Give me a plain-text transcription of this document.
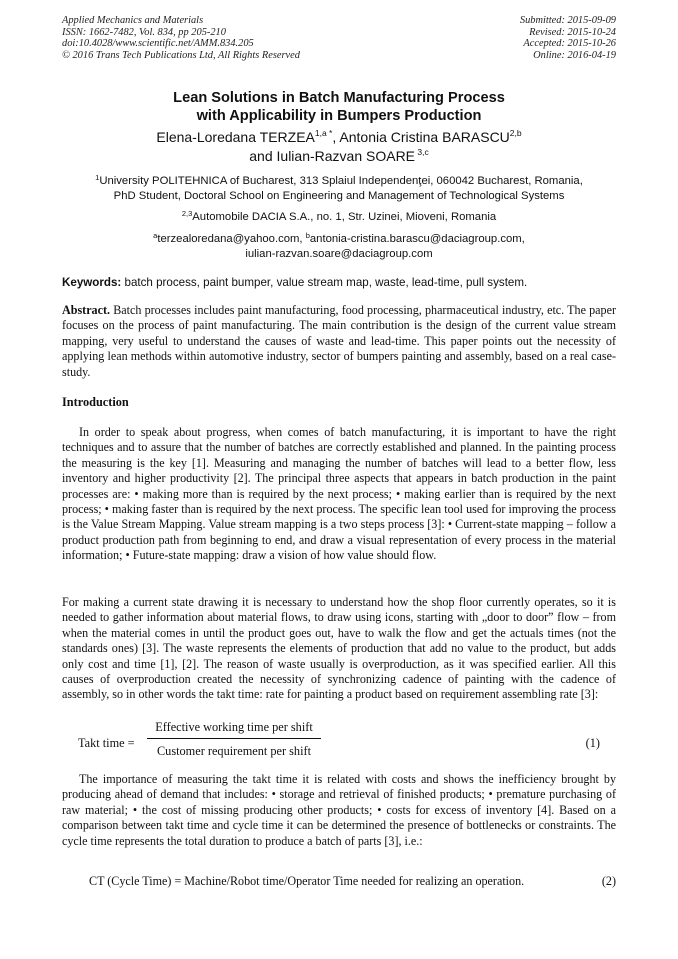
Applied Mechanics and Materials
ISSN: 1662-7482, Vol. 834, pp 205-210
doi:10.4028/www.scientific.net/AMM.834.205
© 2016 Trans Tech Publications Ltd, All Rights Reserved
Submitted: 2015-09-09
Revised: 2015-10-24
Accepted: 2015-10-26
Online: 2016-04-19
Lean Solutions in Batch Manufacturing Process
with Applicability in Bumpers Production
Elena-Loredana $TERZEA^{1,a *}$, Antonia Cristina BARASCU$^{2,b}$
and Iulian-Razvan SOARE $^{3,c}$
$^1$University POLITEHNICA of Bucharest, 313 Splaiul Independenţei, 060042 Bucharest, Romania,
PhD Student, Doctoral School on Engineering and Management of Technological Systems
$^{2,3}$Automobile DACIA S.A., no. 1, Str. Uzinei, Mioveni, Romania
$^a$terzealoredana@yahoo.com, $^b$antonia-cristina.barascu@daciagroup.com,
iulian-razvan.soare@daciagroup.com
Keywords: batch process, paint bumper, value stream map, waste, lead-time, pull system.
Abstract. Batch processes includes paint manufacturing, food processing, pharmaceutical industry, etc. The paper focuses on the process of paint manufacturing. The main contribution is the design of the current value stream mapping, very useful to understand the causes of waste and lead-time. This paper points out the necessity of applying lean methods within automotive industry, sector of bumpers painting and assembly, based on a real case-study.
Introduction
In order to speak about progress, when comes of batch manufacturing, it is important to have the right techniques and to assure that the number of batches are correctly established and planned. In the painting process the measuring is the key [1]. Measuring and managing the number of batches will lead to a better flow, less inventory and higher productivity [2]. The principal three aspects that appears in batch production in the paint processes are: • making more than is required by the next process; • making earlier than is required by the next process; • making faster than is required by the next process. The specific lean tool used for improving the process is the Value Stream Mapping. Value stream mapping is a two steps process [3]: • Current-state mapping – follow a product production path from beginning to end, and draw a visual representation of every process in the material information; • Future-state mapping: draw a vision of how value should flow.
For making a current state drawing it is necessary to understand how the shop floor currently operates, so it is needed to gather information about material flows, to draw using icons, starting with „door to door” flow – from when the material comes in until the product goes out, have to walk the flow and get the actuals times (not the standards ones) [3]. The waste represents the elements of production that add no value to the product, but adds only cost and time [1], [2]. The reason of waste usually is overproduction, as it was specified earlier. All this causes of overproduction created the necessity of synchronizing cadence of painting with the cadence of assembly, so in other words the takt time: rate for painting a product based on requirement assembling rate [3]:
Takt time =
Effective working time per shift
Customer requirement per shift
(1)
The importance of measuring the takt time it is related with costs and shows the inefficiency brought by producing ahead of demand that includes: • storage and retrieval of finished products; • premature purchasing of raw material; • the cost of missing producing other products; • costs for excess of inventory [4]. Based on a comparison between takt time and cycle time it can be determined the presence of bottlenecks or constraints. The cycle time represents the total duration to produce a batch of parts [3], i.e.:
CT (Cycle Time) = Machine/Robot time/Operator Time needed for realizing an operation.	(2)
